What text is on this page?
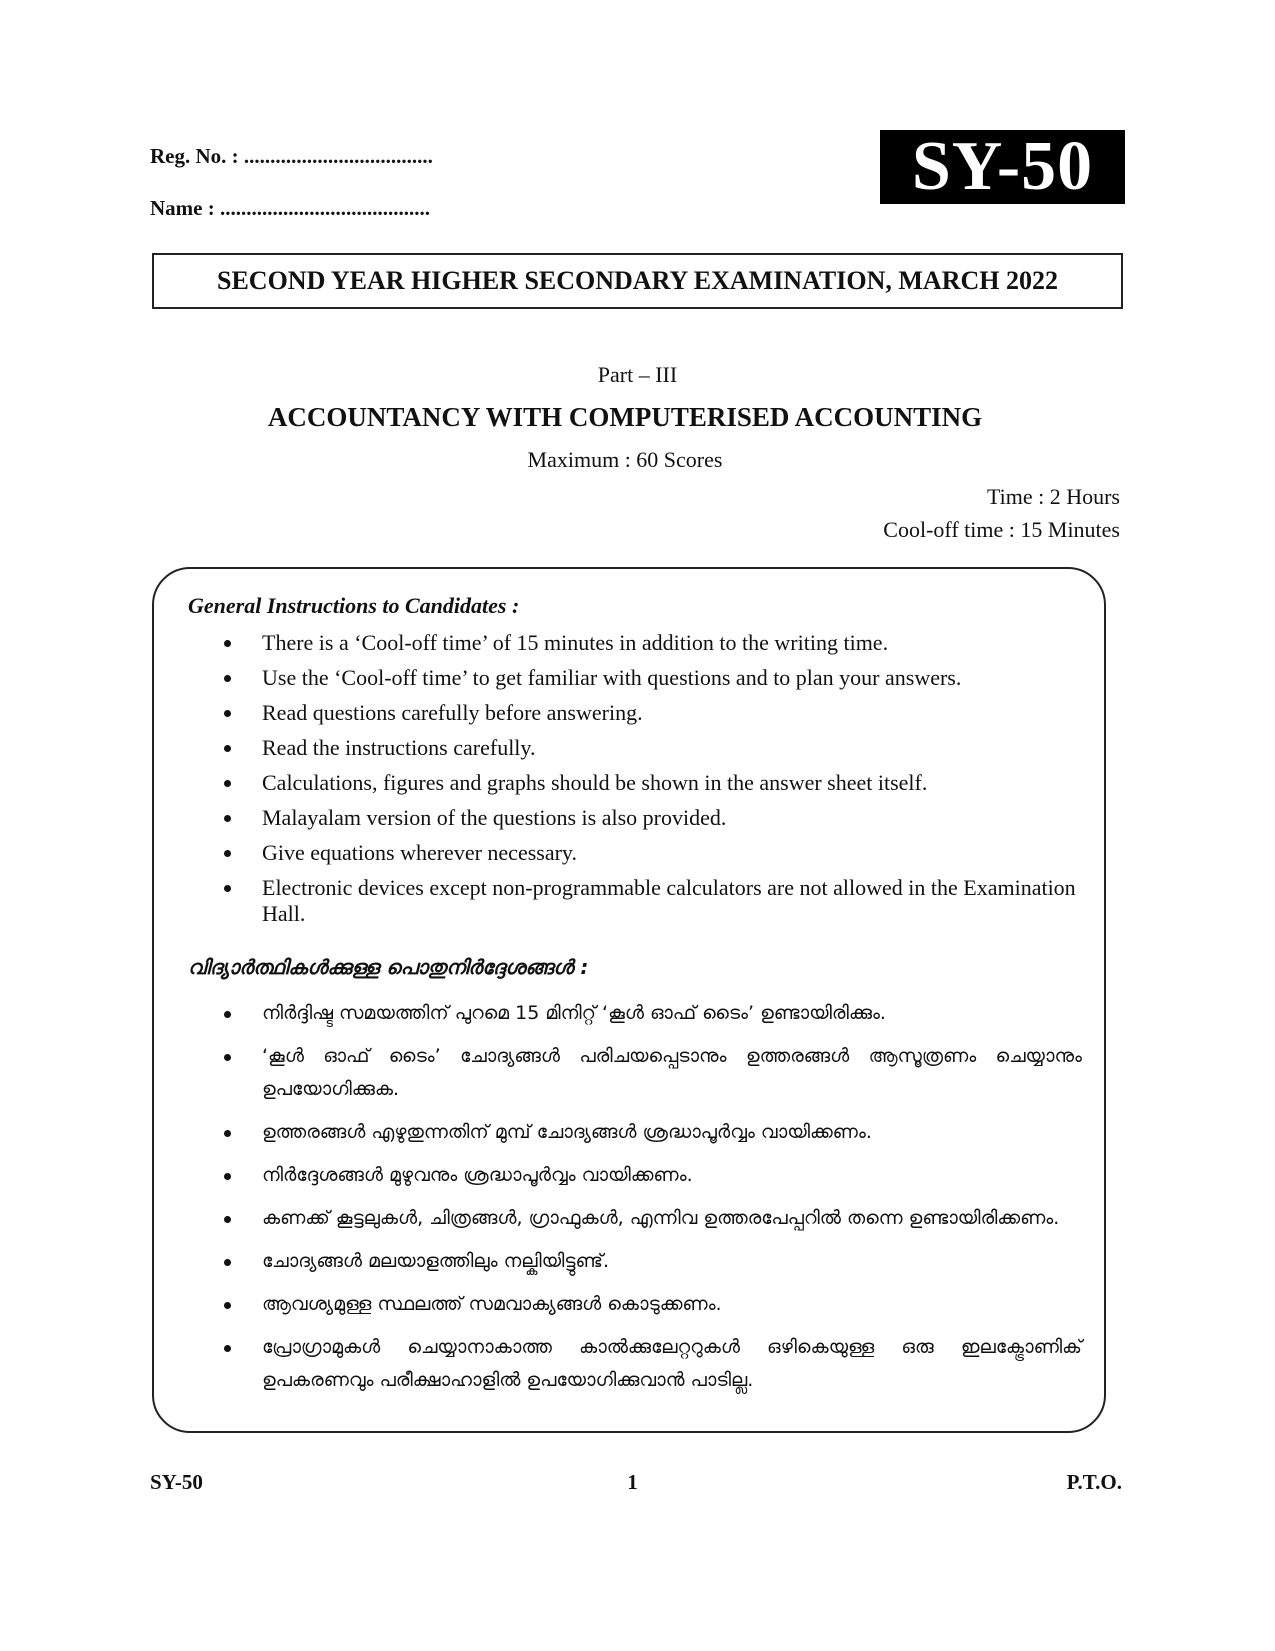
Reg. No. : ....................................
Name : ........................................
SY-50
SECOND YEAR HIGHER SECONDARY EXAMINATION, MARCH 2022
Part – III
ACCOUNTANCY WITH COMPUTERISED ACCOUNTING
Maximum : 60 Scores
Time : 2 Hours
Cool-off time : 15 Minutes
General Instructions to Candidates :
There is a ‘Cool-off time’ of 15 minutes in addition to the writing time.
Use the ‘Cool-off time’ to get familiar with questions and to plan your answers.
Read questions carefully before answering.
Read the instructions carefully.
Calculations, figures and graphs should be shown in the answer sheet itself.
Malayalam version of the questions is also provided.
Give equations wherever necessary.
Electronic devices except non-programmable calculators are not allowed in the Examination Hall.
വിദ്യാർത്ഥികൾക്കുള്ള പൊതുനിർദ്ദേശങ്ങൾ :
നിർദ്ദിഷ്ട സമയത്തിന് പുറമെ 15 മിനിറ്റ് ‘കൂൾ ഓഫ് ടൈം’ ഉണ്ടായിരിക്കും.
‘കൂൾ ഓഫ് ടൈം’ ചോദ്യങ്ങൾ പരിചയപ്പെടാനും ഉത്തരങ്ങൾ ആസൂത്രണം ചെയ്യാനും ഉപയോഗിക്കുക.
ഉത്തരങ്ങൾ എഴുതുന്നതിന് മുമ്പ് ചോദ്യങ്ങൾ ശ്രദ്ധാപൂർവ്വം വായിക്കണം.
നിർദ്ദേശങ്ങൾ മുഴുവനും ശ്രദ്ധാപൂർവ്വം വായിക്കണം.
കണക്ക് കൂട്ടലുകൾ, ചിത്രങ്ങൾ, ഗ്രാഫുകൾ, എന്നിവ ഉത്തരപേപ്പറിൽ തന്നെ ഉണ്ടായിരിക്കണം.
ചോദ്യങ്ങൾ മലയാളത്തിലും നല്കിയിട്ടുണ്ട്.
ആവശ്യമുള്ള സ്ഥലത്ത് സമവാക്യങ്ങൾ കൊടുക്കണം.
പ്രോഗ്രാമുകൾ ചെയ്യാനാകാത്ത കാൽക്കുലേറ്ററുകൾ ഒഴികെയുള്ള ഒരു ഇലക്ട്രോണിക് ഉപകരണവും പരീക്ഷാഹാളിൽ ഉപയോഗിക്കുവാൻ പാടില്ല.
SY-50	1	P.T.O.
